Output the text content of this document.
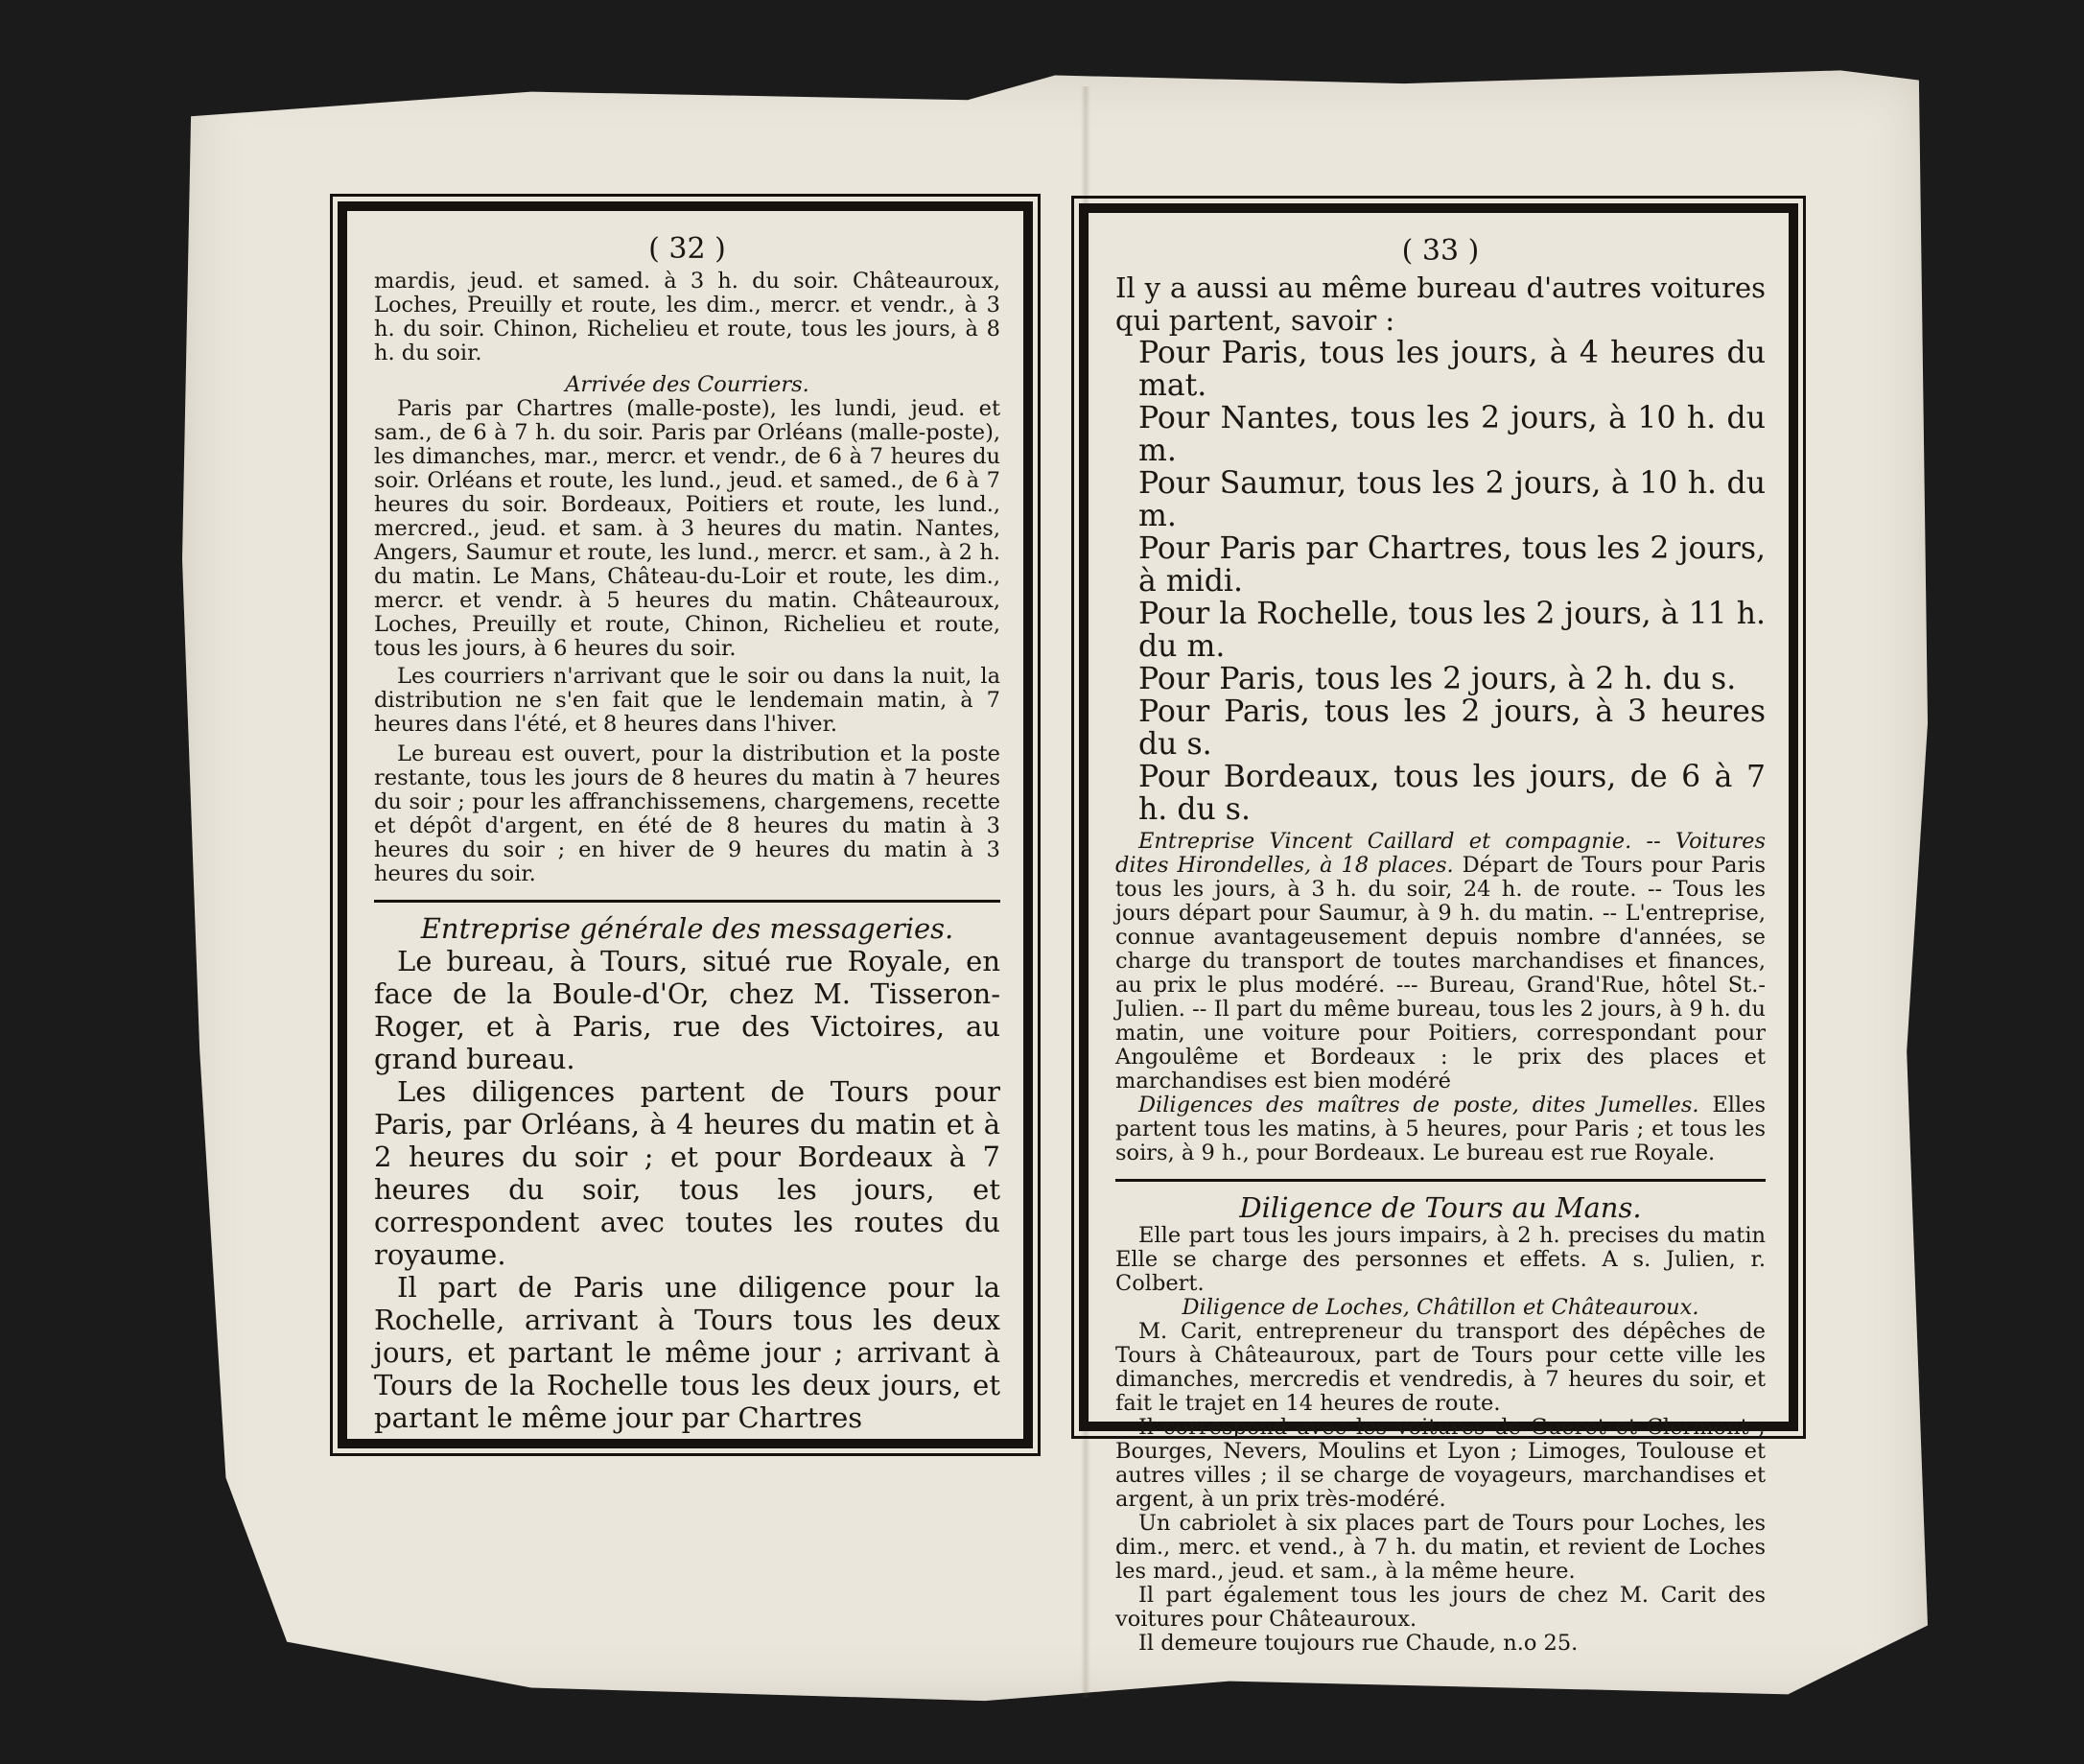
( 32 )

mardis, jeud. et samed. à 3 h. du soir. Châteauroux, Loches, Preuilly et route, les dim., mercr. et vendr., à 3 h. du soir. Chinon, Richelieu et route, tous les jours, à 8 h. du soir.

Arrivée des Courriers.

Paris par Chartres (malle-poste), les lundi, jeud. et sam., de 6 à 7 h. du soir. Paris par Orléans (malle-poste), les dimanches, mar., mercr. et vendr., de 6 à 7 heures du soir. Orléans et route, les lund., jeud. et samed., de 6 à 7 heures du soir. Bordeaux, Poitiers et route, les lund., mercred., jeud. et sam. à 3 heures du matin. Nantes, Angers, Saumur et route, les lund., mercr. et sam., à 2 h. du matin. Le Mans, Château-du-Loir et route, les dim., mercr. et vendr. à 5 heures du matin. Châteauroux, Loches, Preuilly et route, Chinon, Richelieu et route, tous les jours, à 6 heures du soir.

Les courriers n'arrivant que le soir ou dans la nuit, la distribution ne s'en fait que le lendemain matin, à 7 heures dans l'été, et 8 heures dans l'hiver.

Le bureau est ouvert, pour la distribution et la poste restante, tous les jours de 8 heures du matin à 7 heures du soir ; pour les affranchissemens, chargemens, recette et dépôt d'argent, en été de 8 heures du matin à 3 heures du soir ; en hiver de 9 heures du matin à 3 heures du soir.

Entreprise générale des messageries.

Le bureau, à Tours, situé rue Royale, en face de la Boule-d'Or, chez M. Tisseron-Roger, et à Paris, rue des Victoires, au grand bureau.

Les diligences partent de Tours pour Paris, par Orléans, à 4 heures du matin et à 2 heures du soir ; et pour Bordeaux à 7 heures du soir, tous les jours, et correspondent avec toutes les routes du royaume.

Il part de Paris une diligence pour la Rochelle, arrivant à Tours tous les deux jours, et partant le même jour ; arrivant à Tours de la Rochelle tous les deux jours, et partant le même jour par Chartres

( 33 )

Il y a aussi au même bureau d'autres voitures qui partent, savoir :

Pour Paris, tous les jours, à 4 heures du mat.

Pour Nantes, tous les 2 jours, à 10 h. du m.

Pour Saumur, tous les 2 jours, à 10 h. du m.

Pour Paris par Chartres, tous les 2 jours, à midi.

Pour la Rochelle, tous les 2 jours, à 11 h. du m.

Pour Paris, tous les 2 jours, à 2 h. du s.

Pour Paris, tous les 2 jours, à 3 heures du s.

Pour Bordeaux, tous les jours, de 6 à 7 h. du s.

Entreprise Vincent Caillard et compagnie. -- Voitures dites Hirondelles, à 18 places. Départ de Tours pour Paris tous les jours, à 3 h. du soir, 24 h. de route. -- Tous les jours départ pour Saumur, à 9 h. du matin. -- L'entreprise, connue avantageusement depuis nombre d'années, se charge du transport de toutes marchandises et finances, au prix le plus modéré. --- Bureau, Grand'Rue, hôtel St.-Julien. -- Il part du même bureau, tous les 2 jours, à 9 h. du matin, une voiture pour Poitiers, correspondant pour Angoulême et Bordeaux : le prix des places et marchandises est bien modéré

Diligences des maîtres de poste, dites Jumelles. Elles partent tous les matins, à 5 heures, pour Paris ; et tous les soirs, à 9 h., pour Bordeaux. Le bureau est rue Royale.

Diligence de Tours au Mans.

Elle part tous les jours impairs, à 2 h. precises du matin Elle se charge des personnes et effets. A s. Julien, r. Colbert.

Diligence de Loches, Châtillon et Châteauroux.

M. Carit, entrepreneur du transport des dépêches de Tours à Châteauroux, part de Tours pour cette ville les dimanches, mercredis et vendredis, à 7 heures du soir, et fait le trajet en 14 heures de route.

Il correspond avec les voitures de Gueret et Clermont ; Bourges, Nevers, Moulins et Lyon ; Limoges, Toulouse et autres villes ; il se charge de voyageurs, marchandises et argent, à un prix très-modéré.

Un cabriolet à six places part de Tours pour Loches, les dim., merc. et vend., à 7 h. du matin, et revient de Loches les mard., jeud. et sam., à la même heure.

Il part également tous les jours de chez M. Carit des voitures pour Châteauroux.

Il demeure toujours rue Chaude, n.o 25.
